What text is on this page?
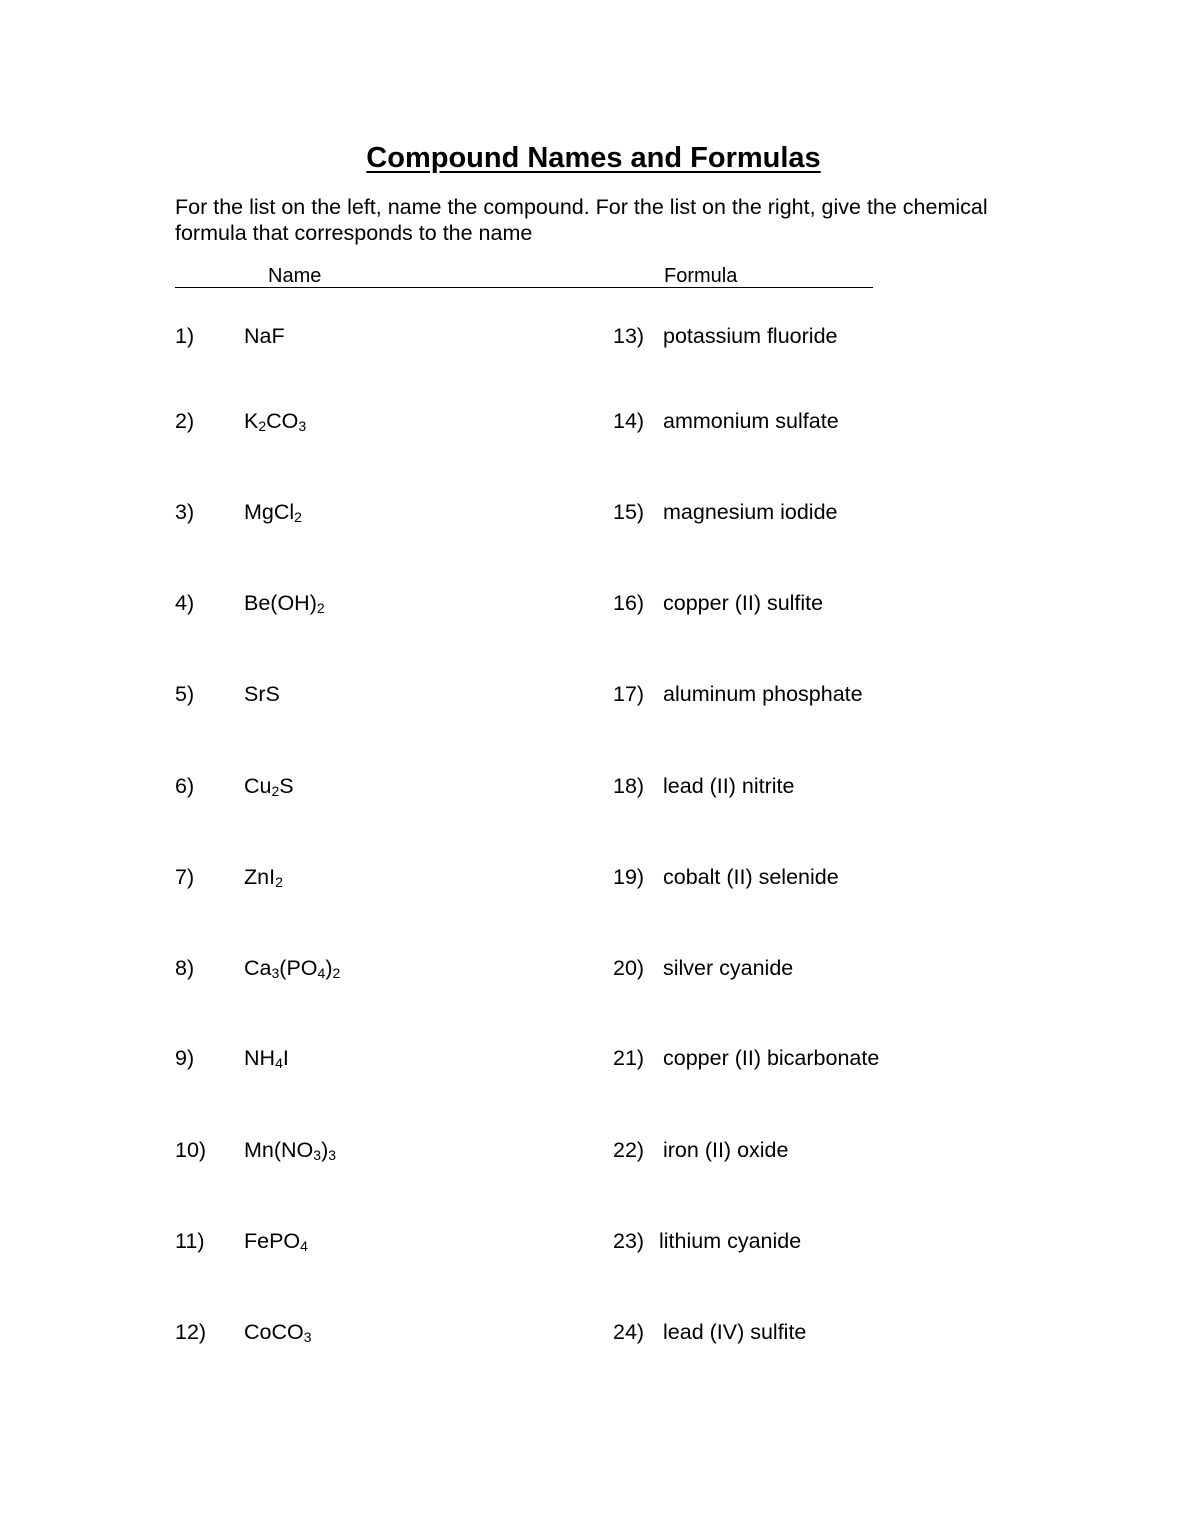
Compound Names and Formulas
For the list on the left, name the compound. For the list on the right, give the chemical formula that corresponds to the name
Name	Formula
1) NaF
2) $K_2CO_3$
3) MgCl$_2$
4) $Be(OH)_2$
5) SrS
6) $Cu_2S$
7) ZnI$_2$
8) $Ca_3(PO_4)_2$
9) $NH_4I$
10) $Mn(NO_3)_3$
11) FePO$_4$
12) CoCO$_3$
13) potassium fluoride
14) ammonium sulfate
15) magnesium iodide
16) copper (II) sulfite
17) aluminum phosphate
18) lead (II) nitrite
19) cobalt (II) selenide
20) silver cyanide
21) copper (II) bicarbonate
22) iron (II) oxide
23) lithium cyanide
24) lead (IV) sulfite
